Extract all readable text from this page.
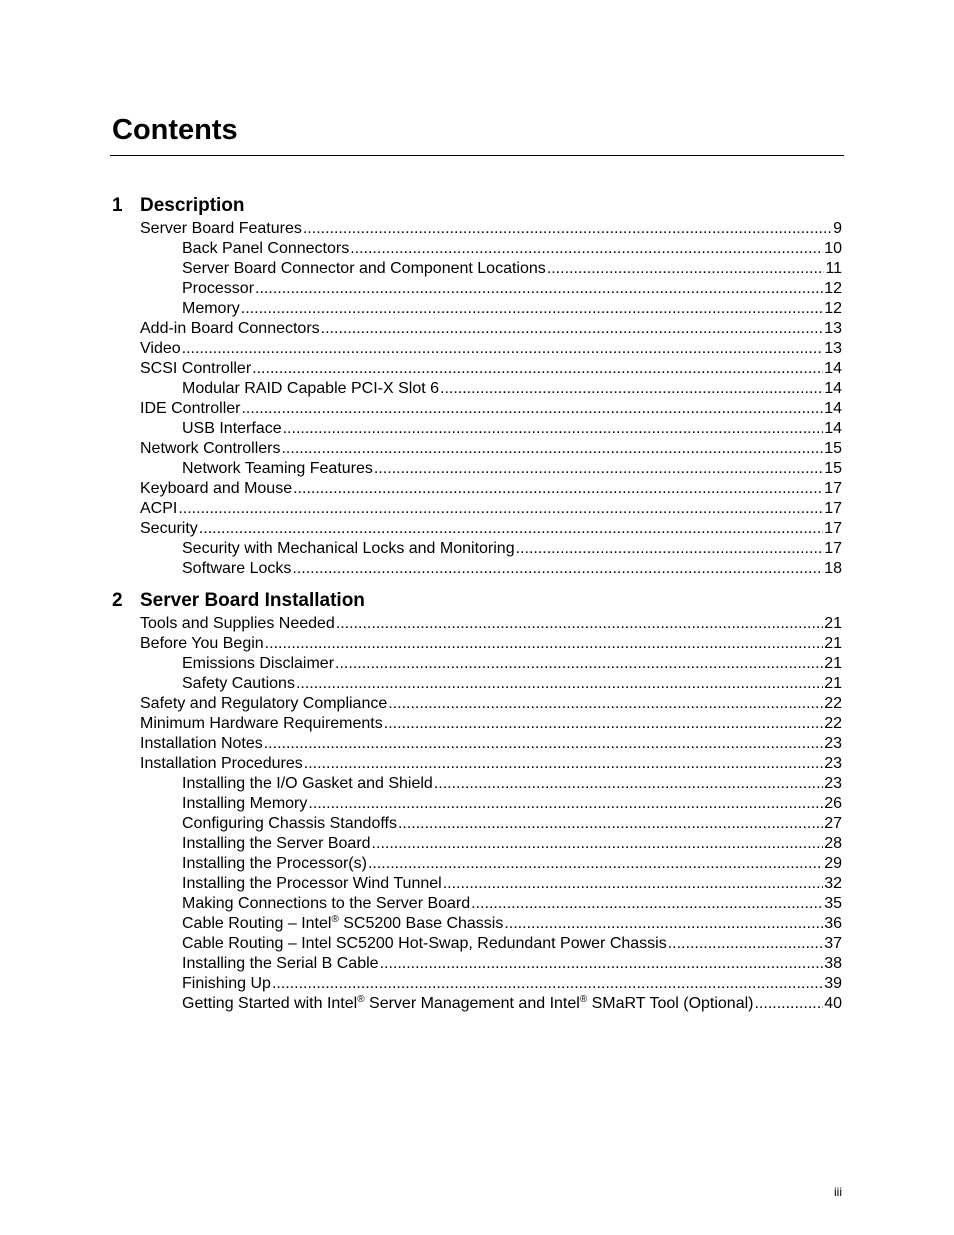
Contents
1 Description
Server Board Features .....	9
Back Panel Connectors .....	10
Server Board Connector and Component Locations .....	11
Processor .....	12
Memory .....	12
Add-in Board Connectors .....	13
Video .....	13
SCSI Controller .....	14
Modular RAID Capable PCI-X Slot 6 .....	14
IDE Controller .....	14
USB Interface .....	14
Network Controllers .....	15
Network Teaming Features .....	15
Keyboard and Mouse .....	17
ACPI .....	17
Security .....	17
Security with Mechanical Locks and Monitoring .....	17
Software Locks .....	18
2 Server Board Installation
Tools and Supplies Needed .....	21
Before You Begin .....	21
Emissions Disclaimer .....	21
Safety Cautions .....	21
Safety and Regulatory Compliance .....	22
Minimum Hardware Requirements .....	22
Installation Notes .....	23
Installation Procedures .....	23
Installing the I/O Gasket and Shield .....	23
Installing Memory .....	26
Configuring Chassis Standoffs .....	27
Installing the Server Board .....	28
Installing the Processor(s) .....	29
Installing the Processor Wind Tunnel .....	32
Making Connections to the Server Board .....	35
Cable Routing – Intel® SC5200 Base Chassis .....	36
Cable Routing – Intel SC5200 Hot-Swap, Redundant Power Chassis .....	37
Installing the Serial B Cable .....	38
Finishing Up .....	39
Getting Started with Intel® Server Management and Intel® SMaRT Tool (Optional) .....	40
iii
